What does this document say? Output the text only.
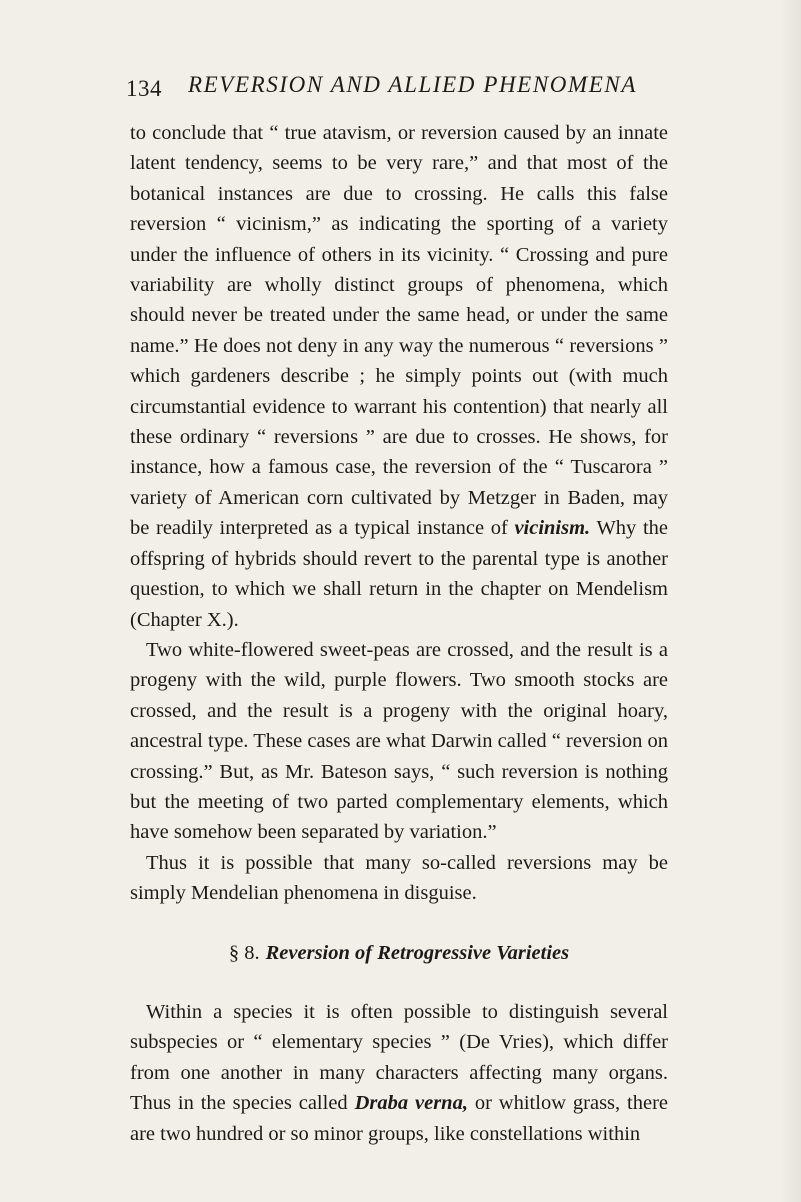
134 REVERSION AND ALLIED PHENOMENA

to conclude that “ true atavism, or reversion caused by an innate latent tendency, seems to be very rare,” and that most of the botanical instances are due to crossing. He calls this false reversion “ vicinism,” as indicating the sporting of a variety under the influence of others in its vicinity. “ Crossing and pure variability are wholly distinct groups of phenomena, which should never be treated under the same head, or under the same name.” He does not deny in any way the numerous “ reversions ” which gardeners describe ; he simply points out (with much circumstantial evidence to warrant his contention) that nearly all these ordinary “ reversions ” are due to crosses. He shows, for instance, how a famous case, the reversion of the “ Tuscarora ” variety of American corn cultivated by Metzger in Baden, may be readily interpreted as a typical instance of vicinism. Why the offspring of hybrids should revert to the parental type is another question, to which we shall return in the chapter on Mendelism (Chapter X.).

Two white-flowered sweet-peas are crossed, and the result is a progeny with the wild, purple flowers. Two smooth stocks are crossed, and the result is a progeny with the original hoary, ancestral type. These cases are what Darwin called “ reversion on crossing.” But, as Mr. Bateson says, “ such reversion is nothing but the meeting of two parted complementary elements, which have somehow been separated by variation.”

Thus it is possible that many so-called reversions may be simply Mendelian phenomena in disguise.

§ 8. Reversion of Retrogressive Varieties

Within a species it is often possible to distinguish several subspecies or “ elementary species ” (De Vries), which differ from one another in many characters affecting many organs. Thus in the species called Draba verna, or whitlow grass, there are two hundred or so minor groups, like constellations within
